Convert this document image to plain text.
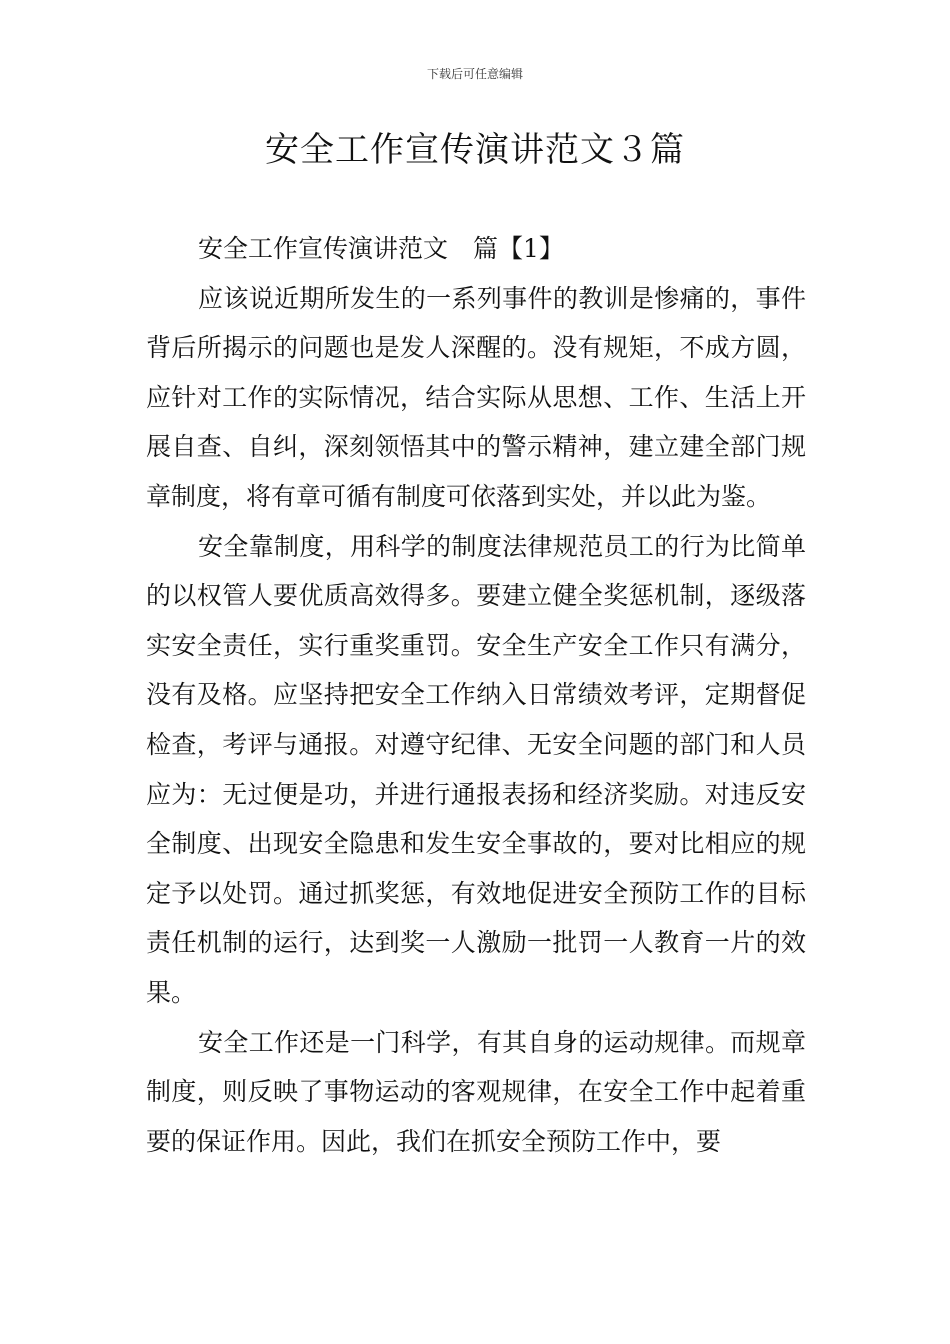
下载后可任意编辑
安全工作宣传演讲范文３篇

安全工作宣传演讲范文　篇【1】

应该说近期所发生的一系列事件的教训是惨痛的，事件背后所揭示的问题也是发人深醒的。没有规矩，不成方圆，应针对工作的实际情况，结合实际从思想、工作、生活上开展自查、自纠，深刻领悟其中的警示精神，建立建全部门规章制度，将有章可循有制度可依落到实处，并以此为鉴。

安全靠制度，用科学的制度法律规范员工的行为比简单的以权管人要优质高效得多。要建立健全奖惩机制，逐级落实安全责任，实行重奖重罚。安全生产安全工作只有满分，没有及格。应坚持把安全工作纳入日常绩效考评，定期督促检查，考评与通报。对遵守纪律、无安全问题的部门和人员应为：无过便是功，并进行通报表扬和经济奖励。对违反安全制度、出现安全隐患和发生安全事故的，要对比相应的规定予以处罚。通过抓奖惩，有效地促进安全预防工作的目标责任机制的运行，达到奖一人激励一批罚一人教育一片的效果。

安全工作还是一门科学，有其自身的运动规律。而规章制度，则反映了事物运动的客观规律，在安全工作中起着重要的保证作用。因此，我们在抓安全预防工作中，要
